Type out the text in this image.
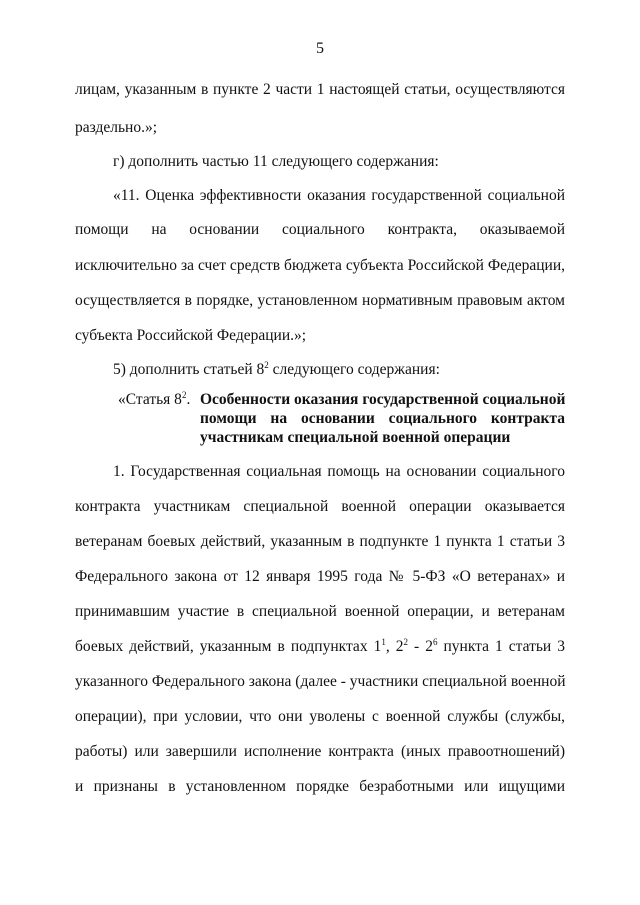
5
лицам, указанным в пункте 2 части 1 настоящей статьи, осуществляются
раздельно.»;
г) дополнить частью 11 следующего содержания:
«11. Оценка эффективности оказания государственной социальной
помощи на основании социального контракта, оказываемой
исключительно за счет средств бюджета субъекта Российской Федерации,
осуществляется в порядке, установленном нормативным правовым актом
субъекта Российской Федерации.»;
5) дополнить статьей $8^2$ следующего содержания:
«Статья $8^2$. Особенности оказания государственной социальной
помощи на основании социального контракта
участникам специальной военной операции
1. Государственная социальная помощь на основании социального
контракта участникам специальной военной операции оказывается
ветеранам боевых действий, указанным в подпункте 1 пункта 1 статьи 3
Федерального закона от 12 января 1995 года № 5-ФЗ «О ветеранах» и
принимавшим участие в специальной военной операции, и ветеранам
боевых действий, указанным в подпунктах $1^1$, $2^2 - 2^6$ пункта 1 статьи 3
указанного Федерального закона (далее - участники специальной военной
операции), при условии, что они уволены с военной службы (службы,
работы) или завершили исполнение контракта (иных правоотношений)
и признаны в установленном порядке безработными или ищущими
